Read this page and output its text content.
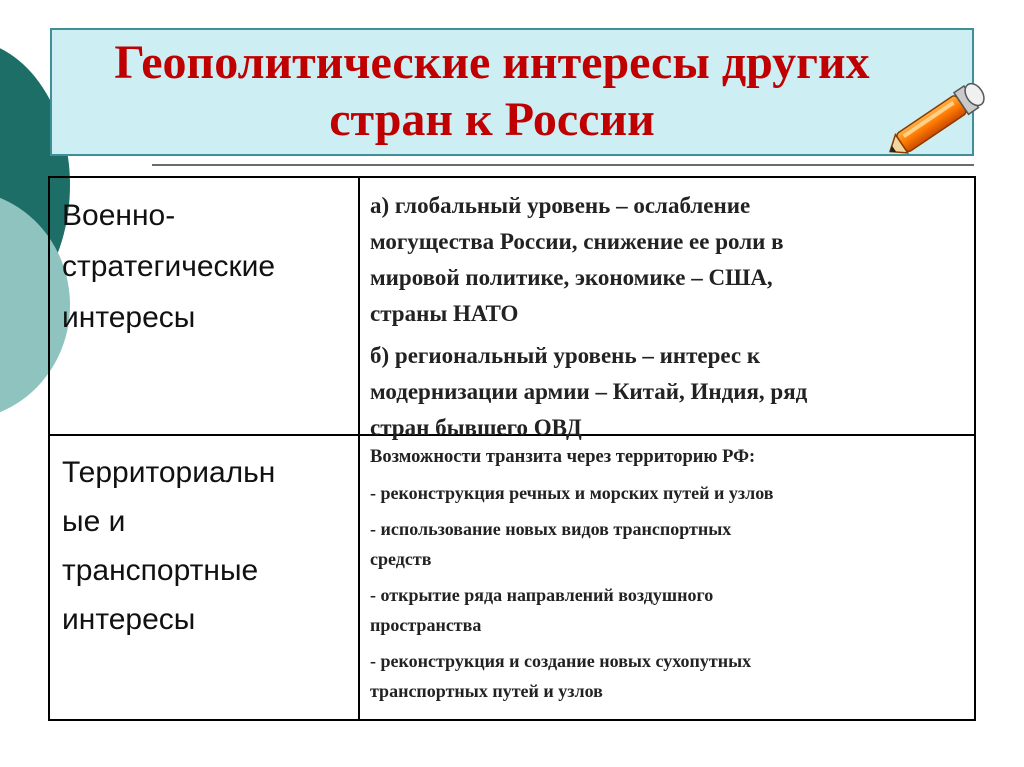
Геополитические интересы других
стран к России
Военно-
стратегические
интересы
а) глобальный уровень – ослабление
могущества России, снижение ее роли в
мировой политике, экономике – США,
страны НАТО
б) региональный уровень – интерес к
модернизации армии – Китай, Индия, ряд
стран бывшего ОВД
Территориальн
ые и
транспортные
интересы
Возможности транзита через территорию РФ:
- реконструкция речных и морских путей и узлов
- использование новых видов транспортных
средств
- открытие ряда направлений воздушного
пространства
- реконструкция и создание новых сухопутных
транспортных путей и узлов
